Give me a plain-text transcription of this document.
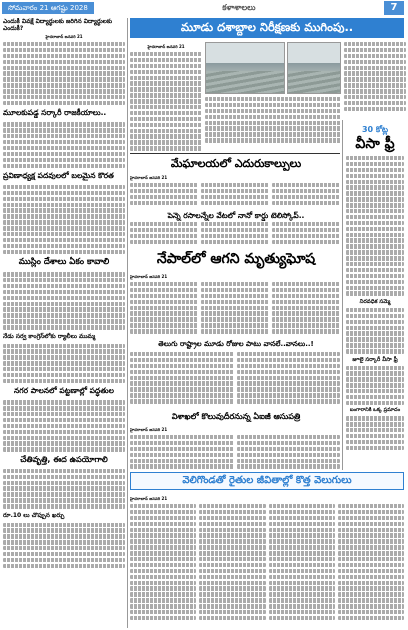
సోమవారం 21 ఆగష్టు 2028	కళాశాలలు	7
ఎందుకీ వివక్షే విద్యార్థులకు జరిగిన విద్యార్థులకు ఎందుకీ?
హైదరాబాద్ జనవరి 21
మూలకుపడ్డ సర్కారీ రాజకీయాలు..
ప్రవిణాధ్యక్ష పదవులలో బలమైన కొరత
ముస్లిం దేశాలు ఏకం కావాలి
నేడు సర్వ కాంగ్రెస్‌లోకు ర్యాలీలు ముమ్మ
నగర పాలనలో పట్టణాల్లో పద్ధతుల
చేతివృత్తి, ఈద ఉపయోగాలి
రూ.10 లు చొప్పున ఖర్చు
మూడు దశాబ్దాల నిరీక్షణకు ముగింపు..
హైదరాబాద్ జనవరి 21
మేఘాలయలో ఎదురుకాల్పులు
హైదరాబాద్ జనవరి 21
పెన్నె రసాలన్నేల వేటలో నానో కార్డు టెలిస్కోప్..
నేపాల్‌లో ఆగని మృత్యుఘోష
హైదరాబాద్ జనవరి 21
తెలుగు రాష్ట్రాల మూడు రోజుల పాటు వానలే..వానలు..!
విశాఖలో కొలువుదీరనున్న ఏఐజీ ఆసుపత్రి
హైదరాబాద్ జనవరి 21
30 కోట్ల
వీసా ఫ్రీ
నిరవధిక సమ్మె
జూలై సర్కారీ వీసా ఫ్రీ
బంగారానికి ఒక్క ప్రమాదం
వెలిగొండతో రైతుల జీవితాల్లో కొత్త వెలుగులు
హైదరాబాద్ జనవరి 21
